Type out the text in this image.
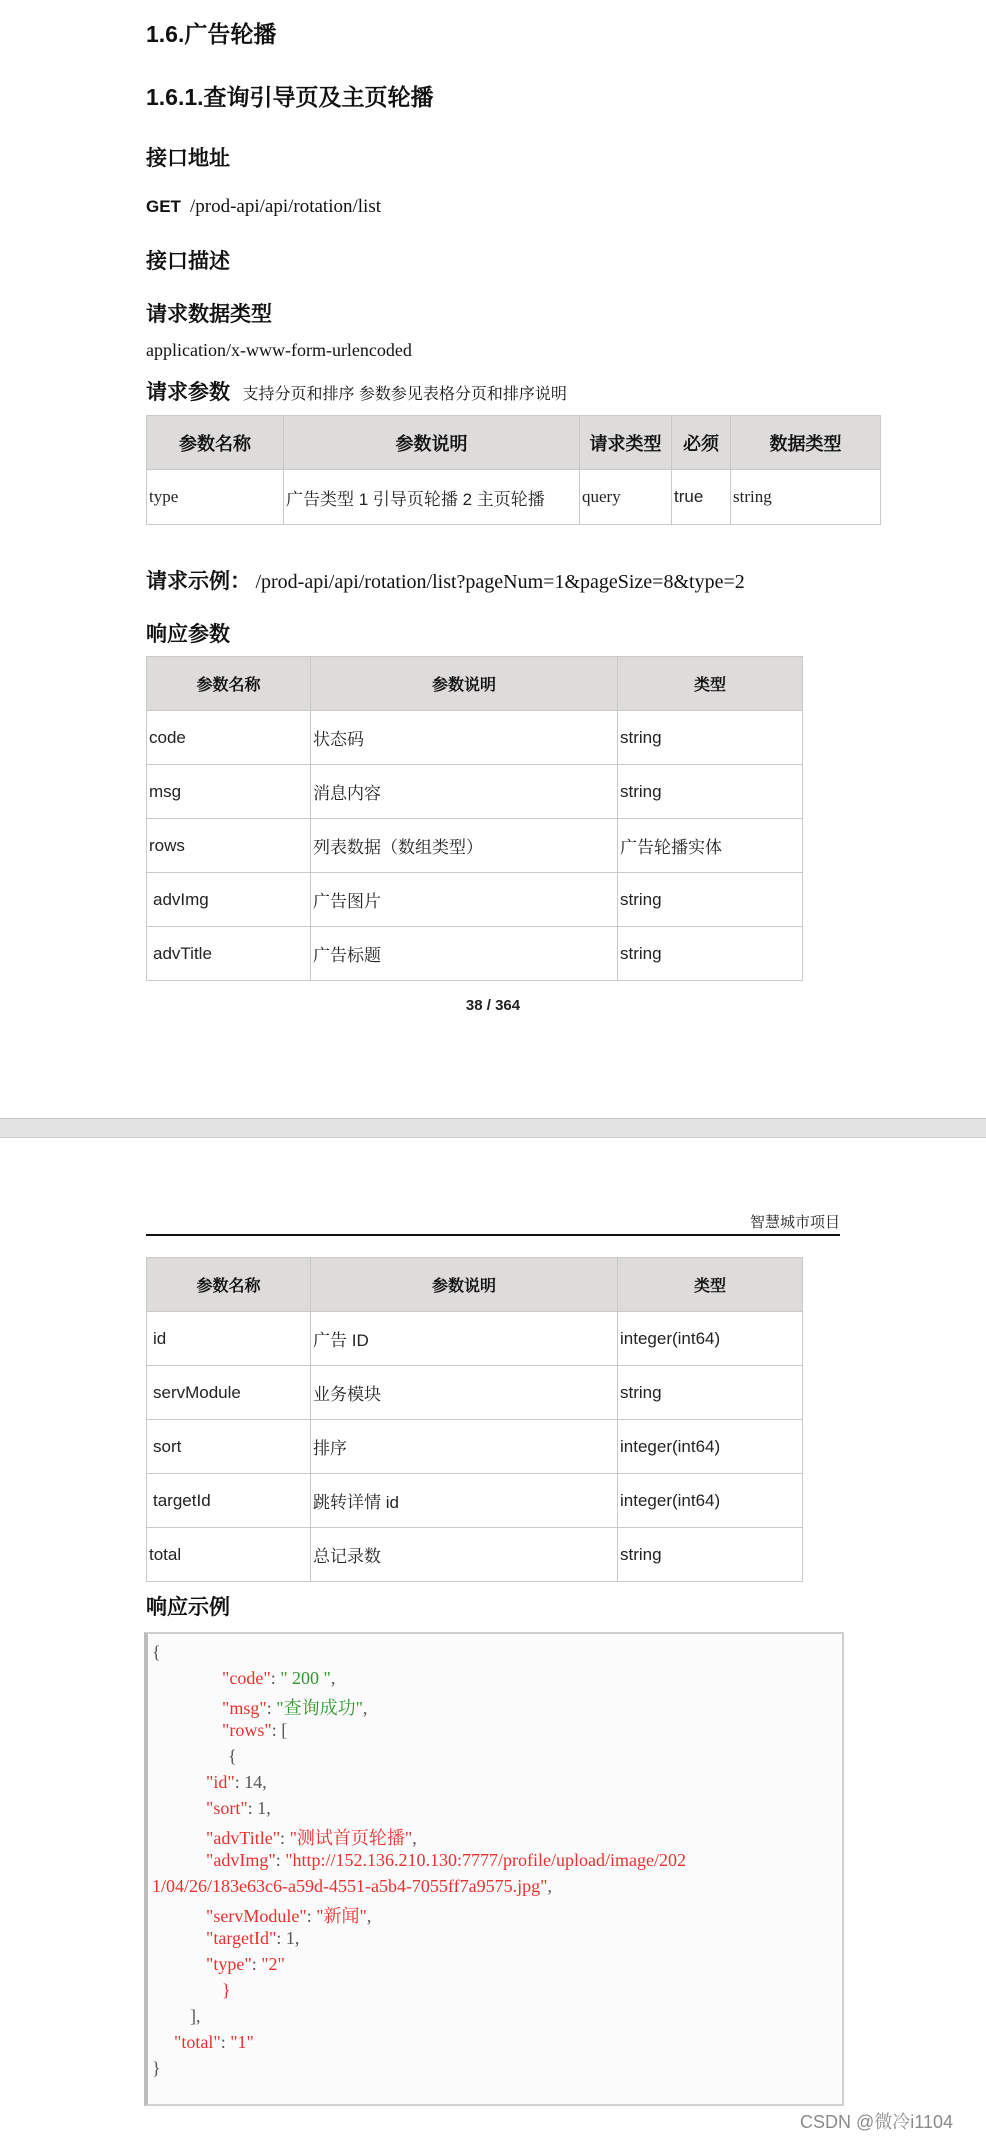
1.6.广告轮播
1.6.1.查询引导页及主页轮播
接口地址
GET /prod-api/api/rotation/list
接口描述
请求数据类型
application/x-www-form-urlencoded
请求参数 支持分页和排序 参数参见表格分页和排序说明
参数名称	参数说明	请求类型	必须	数据类型
type	广告类型 1 引导页轮播 2 主页轮播	query	true	string
请求示例： /prod-api/api/rotation/list?pageNum=1&pageSize=8&type=2
响应参数
参数名称	参数说明	类型
code	状态码	string
msg	消息内容	string
rows	列表数据（数组类型）	广告轮播实体
advImg	广告图片	string
advTitle	广告标题	string
38 / 364
智慧城市项目
参数名称	参数说明	类型
id	广告 ID	integer(int64)
servModule	业务模块	string
sort	排序	integer(int64)
targetId	跳转详情 id	integer(int64)
total	总记录数	string
响应示例
{
"code": " 200 ",
"msg": "查询成功",
"rows": [
{
"id": 14,
"sort": 1,
"advTitle": "测试首页轮播",
"advImg": "http://152.136.210.130:7777/profile/upload/image/202
1/04/26/183e63c6-a59d-4551-a5b4-7055ff7a9575.jpg",
"servModule": "新闻",
"targetId": 1,
"type": "2"
}
],
"total": "1"
}
CSDN @微冷i1104
